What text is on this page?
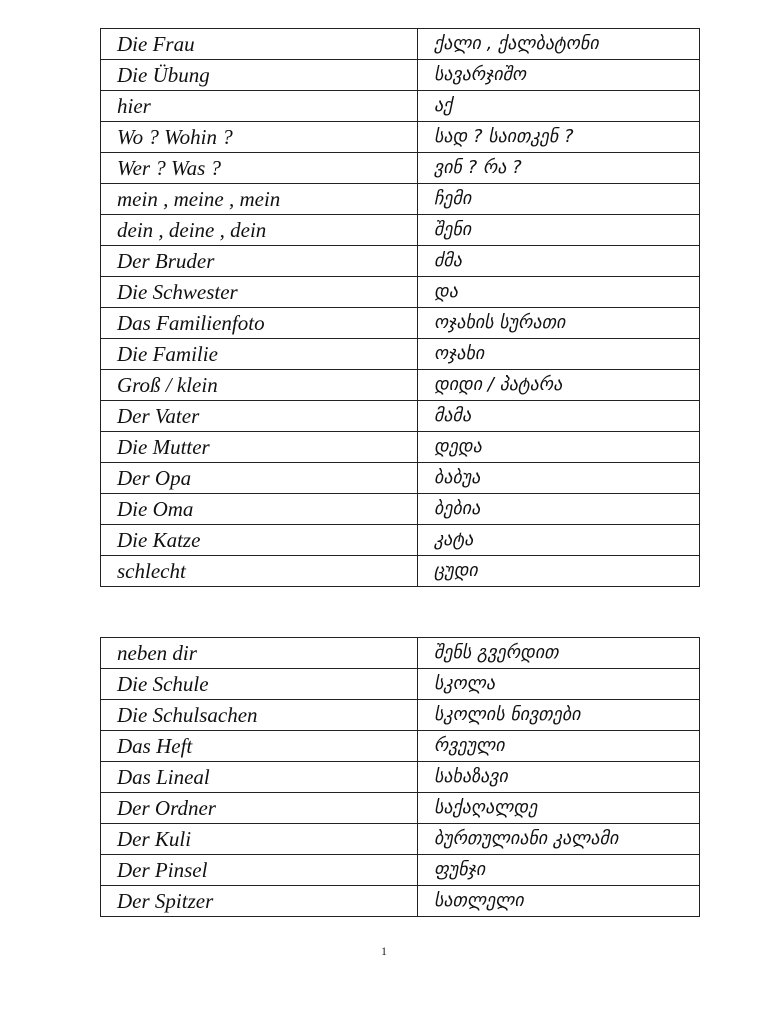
Die Frau	ქალი , ქალბატონი
Die Übung	სავარჯიშო
hier	აქ
Wo ? Wohin ?	სად ? საითკენ ?
Wer ? Was ?	ვინ ? რა ?
mein , meine , mein	ჩემი
dein , deine , dein	შენი
Der Bruder	ძმა
Die Schwester	და
Das Familienfoto	ოჯახის სურათი
Die Familie	ოჯახი
Groß / klein	დიდი / პატარა
Der Vater	მამა
Die Mutter	დედა
Der Opa	ბაბუა
Die Oma	ბებია
Die Katze	კატა
schlecht	ცუდი
neben dir	შენს გვერდით
Die Schule	სკოლა
Die Schulsachen	სკოლის ნივთები
Das Heft	რვეული
Das Lineal	სახაზავი
Der Ordner	საქაღალდე
Der Kuli	ბურთულიანი კალამი
Der Pinsel	ფუნჯი
Der Spitzer	სათლელი
1
